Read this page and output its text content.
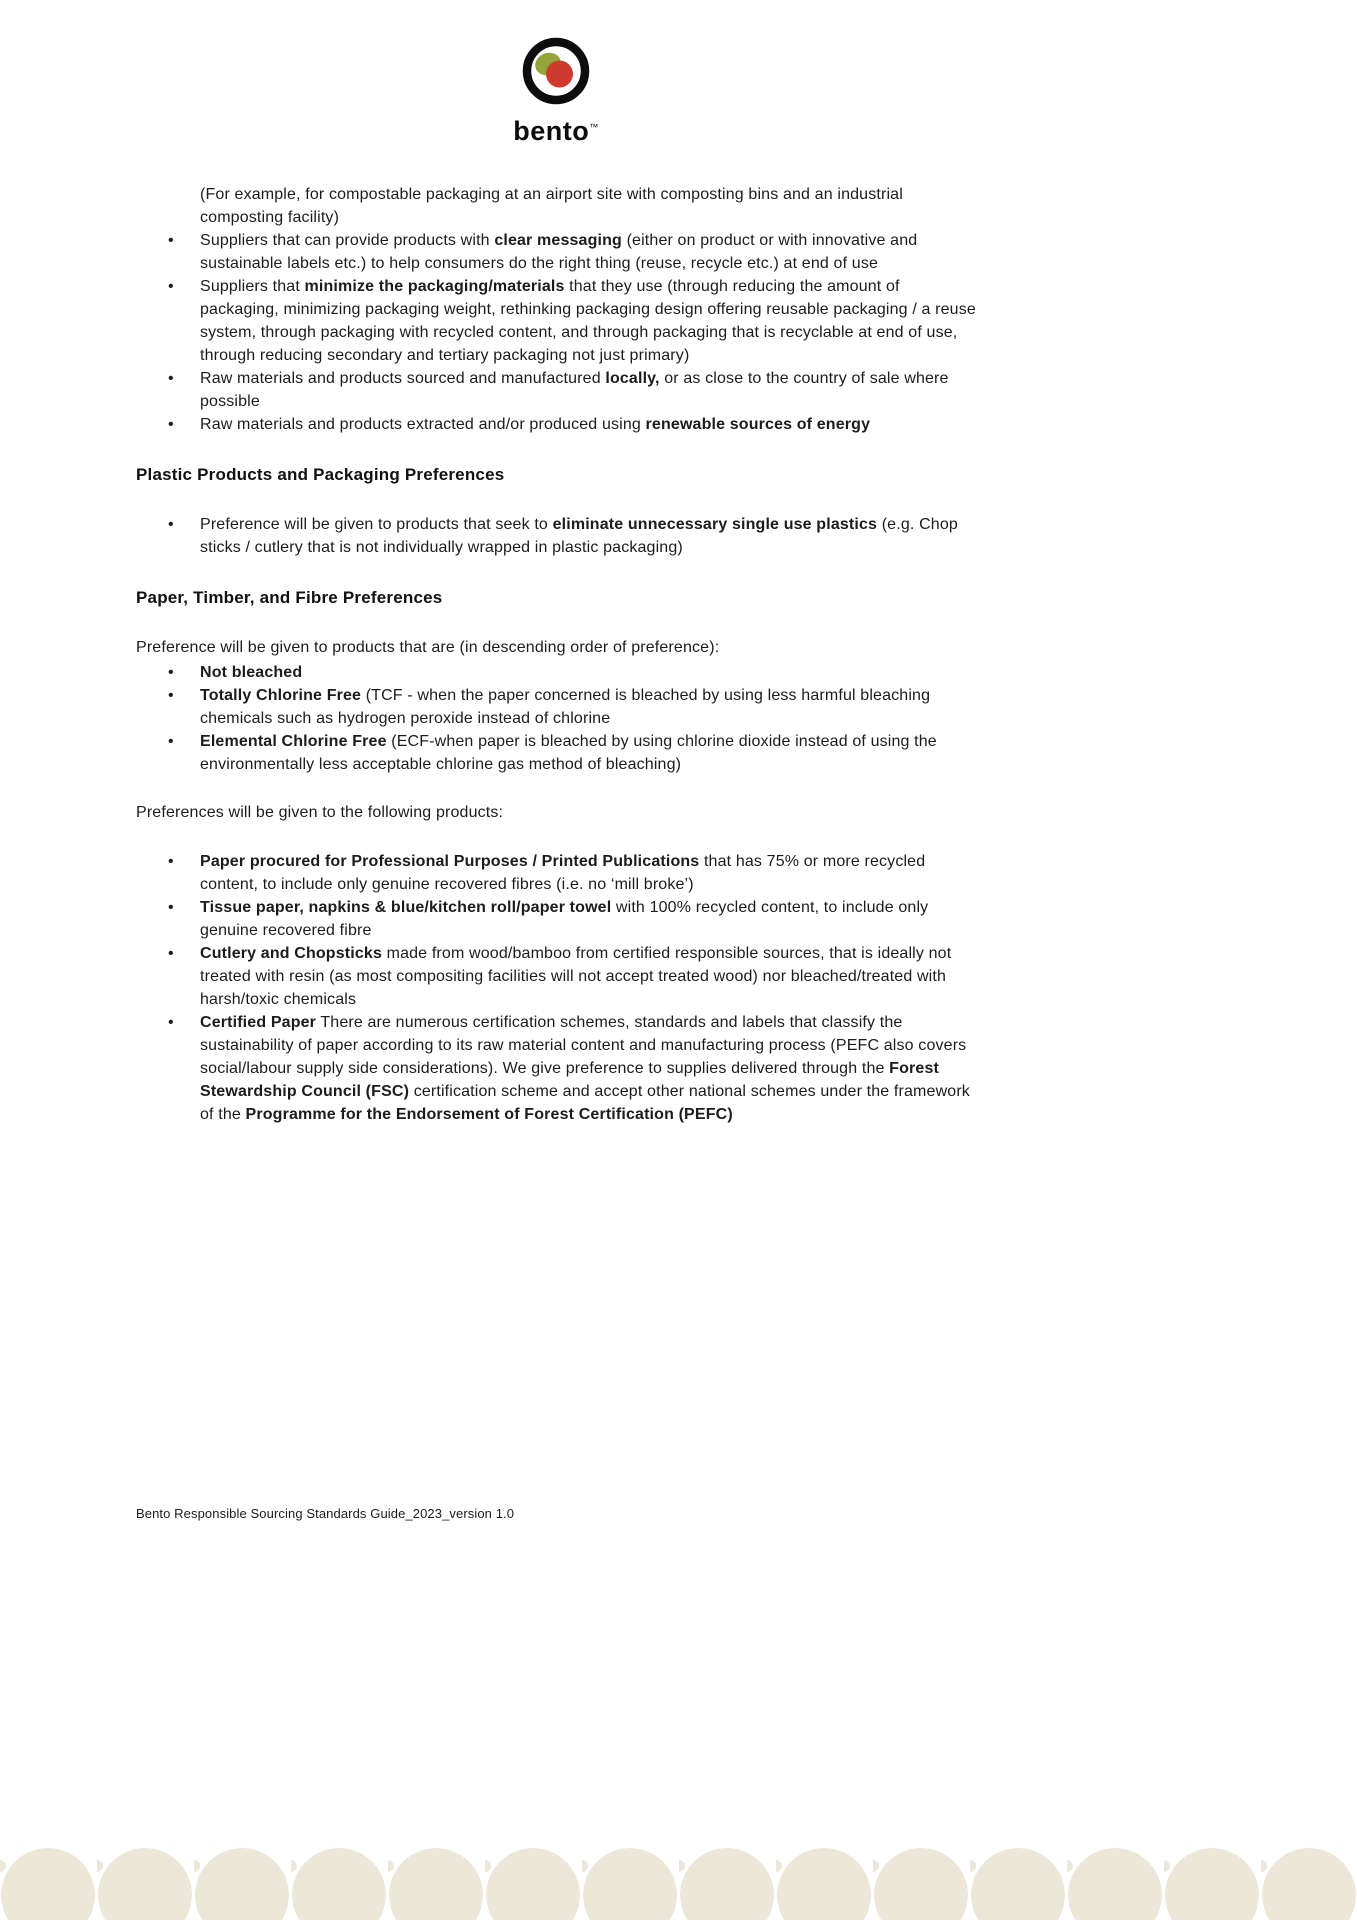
bento™
(For example, for compostable packaging at an airport site with composting bins and an industrial composting facility)
•	Suppliers that can provide products with clear messaging (either on product or with innovative and sustainable labels etc.) to help consumers do the right thing (reuse, recycle etc.) at end of use
•	Suppliers that minimize the packaging/materials that they use (through reducing the amount of packaging, minimizing packaging weight, rethinking packaging design offering reusable packaging / a reuse system, through packaging with recycled content, and through packaging that is recyclable at end of use, through reducing secondary and tertiary packaging not just primary)
•	Raw materials and products sourced and manufactured locally, or as close to the country of sale where possible
•	Raw materials and products extracted and/or produced using renewable sources of energy
Plastic Products and Packaging Preferences
•	Preference will be given to products that seek to eliminate unnecessary single use plastics (e.g. Chop sticks / cutlery that is not individually wrapped in plastic packaging)
Paper, Timber, and Fibre Preferences
Preference will be given to products that are (in descending order of preference):
•	Not bleached
•	Totally Chlorine Free (TCF - when the paper concerned is bleached by using less harmful bleaching chemicals such as hydrogen peroxide instead of chlorine
•	Elemental Chlorine Free (ECF-when paper is bleached by using chlorine dioxide instead of using the environmentally less acceptable chlorine gas method of bleaching)
Preferences will be given to the following products:
•	Paper procured for Professional Purposes / Printed Publications that has 75% or more recycled content, to include only genuine recovered fibres (i.e. no ‘mill broke’)
•	Tissue paper, napkins & blue/kitchen roll/paper towel with 100% recycled content, to include only genuine recovered fibre
•	Cutlery and Chopsticks made from wood/bamboo from certified responsible sources, that is ideally not treated with resin (as most compositing facilities will not accept treated wood) nor bleached/treated with harsh/toxic chemicals
•	Certified Paper There are numerous certification schemes, standards and labels that classify the sustainability of paper according to its raw material content and manufacturing process (PEFC also covers social/labour supply side considerations). We give preference to supplies delivered through the Forest Stewardship Council (FSC) certification scheme and accept other national schemes under the framework of the Programme for the Endorsement of Forest Certification (PEFC)
Bento Responsible Sourcing Standards Guide_2023_version 1.0
